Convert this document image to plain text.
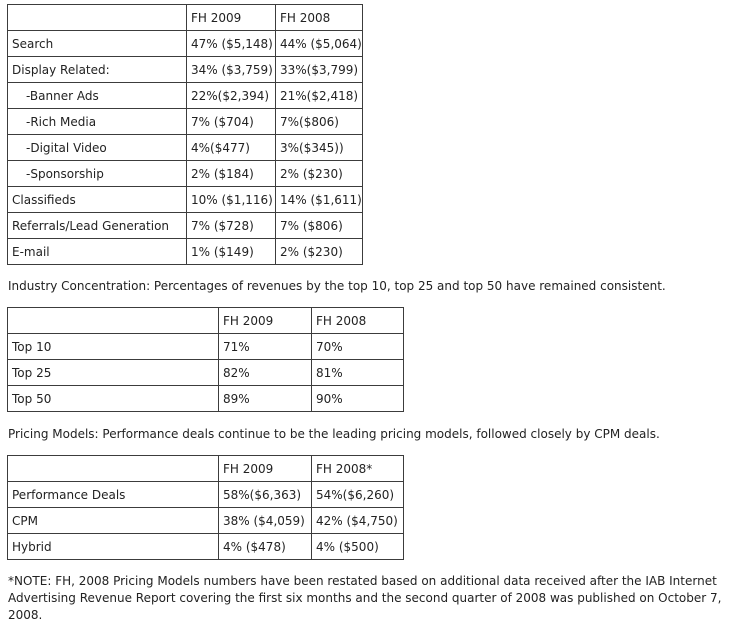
	FH 2009	FH 2008
Search	47% ($5,148)	44% ($5,064)
Display Related:	34% ($3,759)	33%($3,799)
-Banner Ads	22%($2,394)	21%($2,418)
-Rich Media	7% ($704)	7%($806)
-Digital Video	4%($477)	3%($345))
-Sponsorship	2% ($184)	2% ($230)
Classifieds	10% ($1,116)	14% ($1,611)
Referrals/Lead Generation	7% ($728)	7% ($806)
E-mail	1% ($149)	2% ($230)

Industry Concentration: Percentages of revenues by the top 10, top 25 and top 50 have remained consistent.

	FH 2009	FH 2008
Top 10	71%	70%
Top 25	82%	81%
Top 50	89%	90%

Pricing Models: Performance deals continue to be the leading pricing models, followed closely by CPM deals.

	FH 2009	FH 2008*
Performance Deals	58%($6,363)	54%($6,260)
CPM	38% ($4,059)	42% ($4,750)
Hybrid	4% ($478)	4% ($500)

*NOTE: FH, 2008 Pricing Models numbers have been restated based on additional data received after the IAB Internet Advertising Revenue Report covering the first six months and the second quarter of 2008 was published on October 7, 2008.
